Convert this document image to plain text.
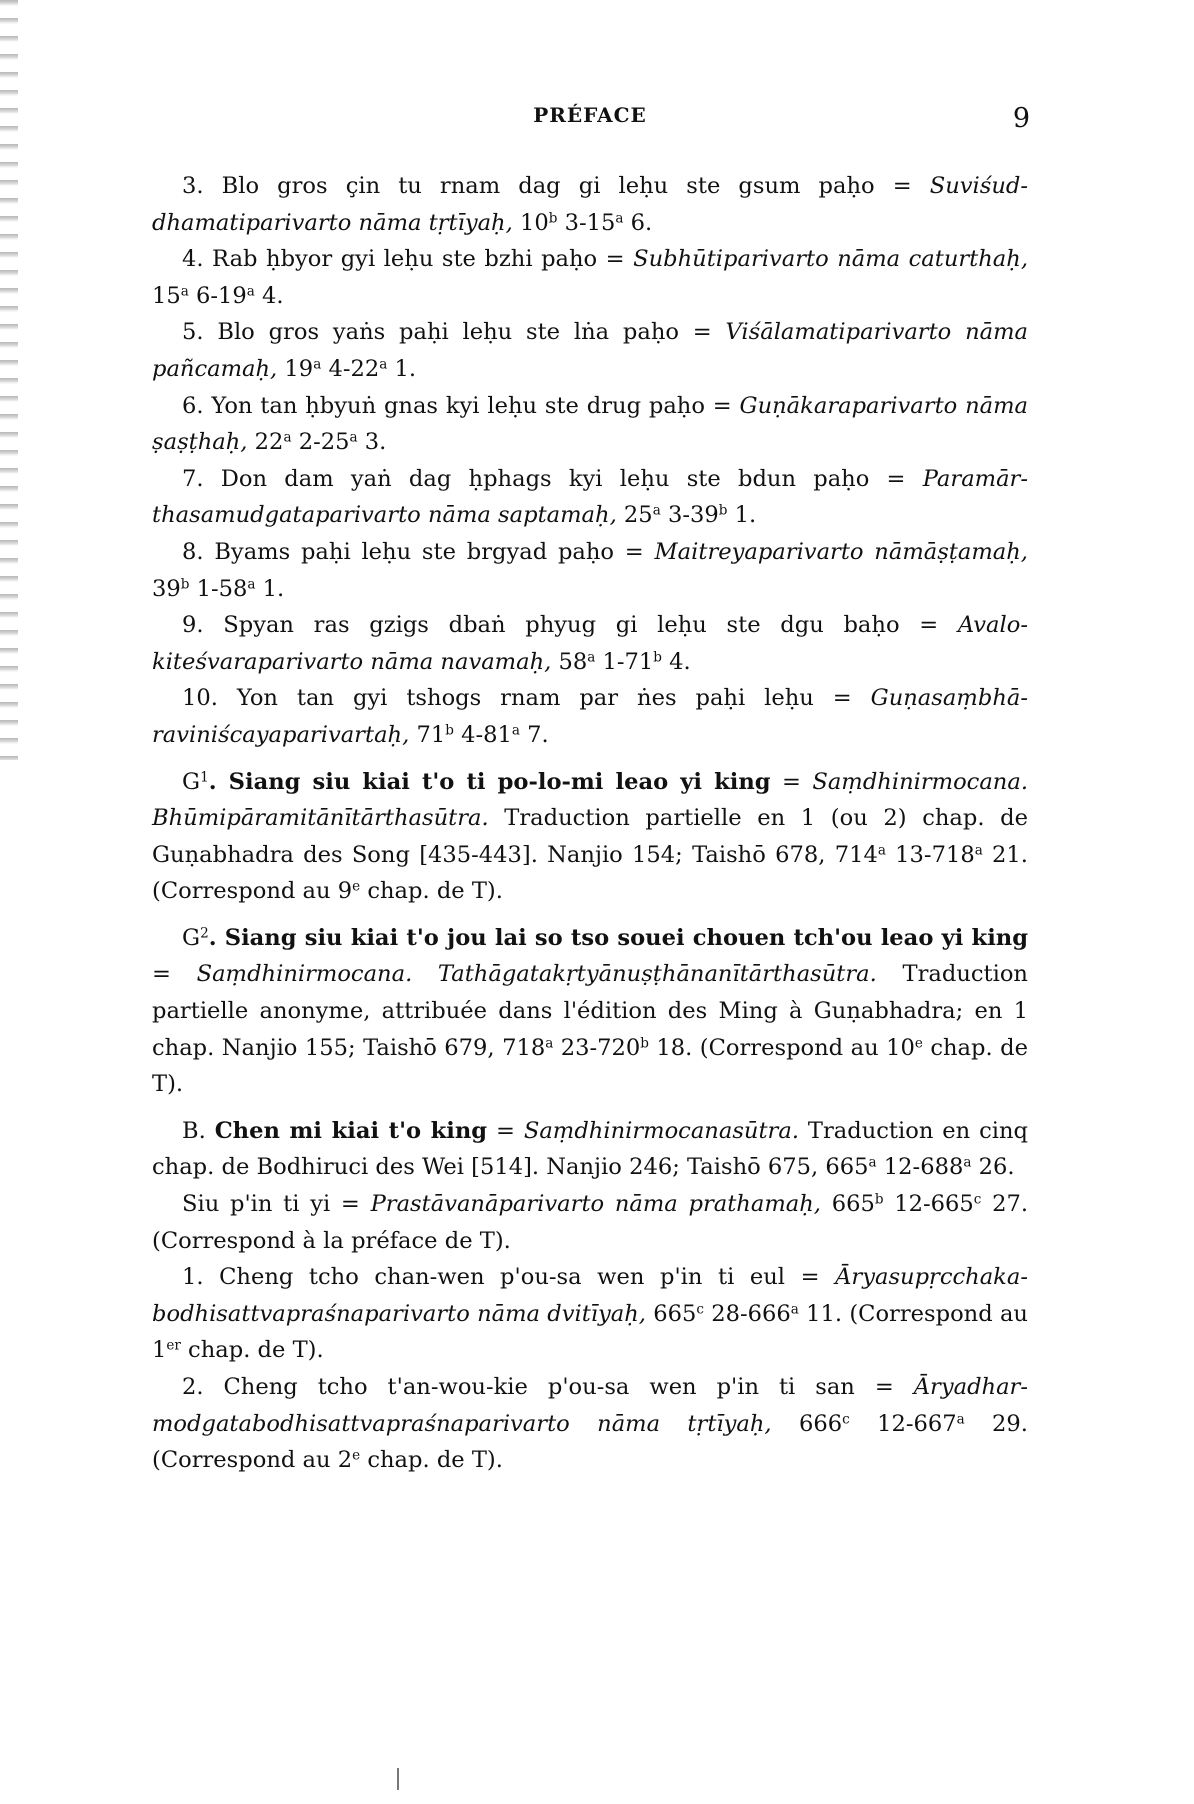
PRÉFACE	9

3. Blo gros çin tu rnam dag gi leḥu ste gsum paḥo = Suviśuddhamatiparivarto nāma tṛtīyaḥ, 10$^b$ 3-15$^a$ 6.

4. Rab ḥbyor gyi leḥu ste bzhi paḥo = Subhūtiparivarto nāma caturthaḥ, 15$^a$ 6-19$^a$ 4.

5. Blo gros yaṅs paḥi leḥu ste lṅa paḥo = Viśālamatiparivarto nāma pañcamaḥ, 19$^a$ 4-22$^a$ 1.

6. Yon tan ḥbyuṅ gnas kyi leḥu ste drug paḥo = Guṇākaraparivarto nāma ṣaṣṭhaḥ, 22$^a$ 2-25$^a$ 3.

7. Don dam yaṅ dag ḥphags kyi leḥu ste bdun paḥo = Paramārthasamudgataparivarto nāma saptamaḥ, 25$^a$ 3-39$^b$ 1.

8. Byams paḥi leḥu ste brgyad paḥo = Maitreyaparivarto nāmāṣṭamaḥ, 39$^b$ 1-58$^a$ 1.

9. Spyan ras gzigs dbaṅ phyug gi leḥu ste dgu baḥo = Avalokiteśvaraparivarto nāma navamaḥ, 58$^a$ 1-71$^b$ 4.

10. Yon tan gyi tshogs rnam par ṅes paḥi leḥu = Guṇasaṃbhāraviniścayaparivartaḥ, 71$^b$ 4-81$^a$ 7.

$G^1$. Siang siu kiai t'o ti po-lo-mi leao yi king = Saṃdhinirmocana. Bhūmipāramitānītārthasūtra. Traduction partielle en 1 (ou 2) chap. de Guṇabhadra des Song [435-443]. Nanjio 154; Taishō 678, 714$^a$ 13-718$^a$ 21. (Correspond au 9e chap. de T).

$G^2$. Siang siu kiai t'o jou lai so tso souei chouen tch'ou leao yi king = Saṃdhinirmocana. Tathāgatakṛtyānuṣṭhānanītārthasūtra. Traduction partielle anonyme, attribuée dans l'édition des Ming à Guṇabhadra; en 1 chap. Nanjio 155; Taishō 679, 718$^a$ 23-720$^b$ 18. (Correspond au 10e chap. de T).

B. Chen mi kiai t'o king = Saṃdhinirmocanasūtra. Traduction en cinq chap. de Bodhiruci des Wei [514]. Nanjio 246; Taishō 675, 665$^a$ 12-688$^a$ 26.

Siu p'in ti yi = Prastāvanāparivarto nāma prathamaḥ, 665$^b$ 12-665$^c$ 27. (Correspond à la préface de T).

1. Cheng tcho chan-wen p'ou-sa wen p'in ti eul = Āryasupṛcchakabodhisattvapraśnaparivarto nāma dvitīyaḥ, 665$^c$ 28-666$^a$ 11. (Correspond au 1er chap. de T).

2. Cheng tcho t'an-wou-kie p'ou-sa wen p'in ti san = Āryadharmodgatabodhisattvapraśnaparivarto nāma tṛtīyaḥ, 666$^c$ 12-667$^a$ 29. (Correspond au 2e chap. de T).
